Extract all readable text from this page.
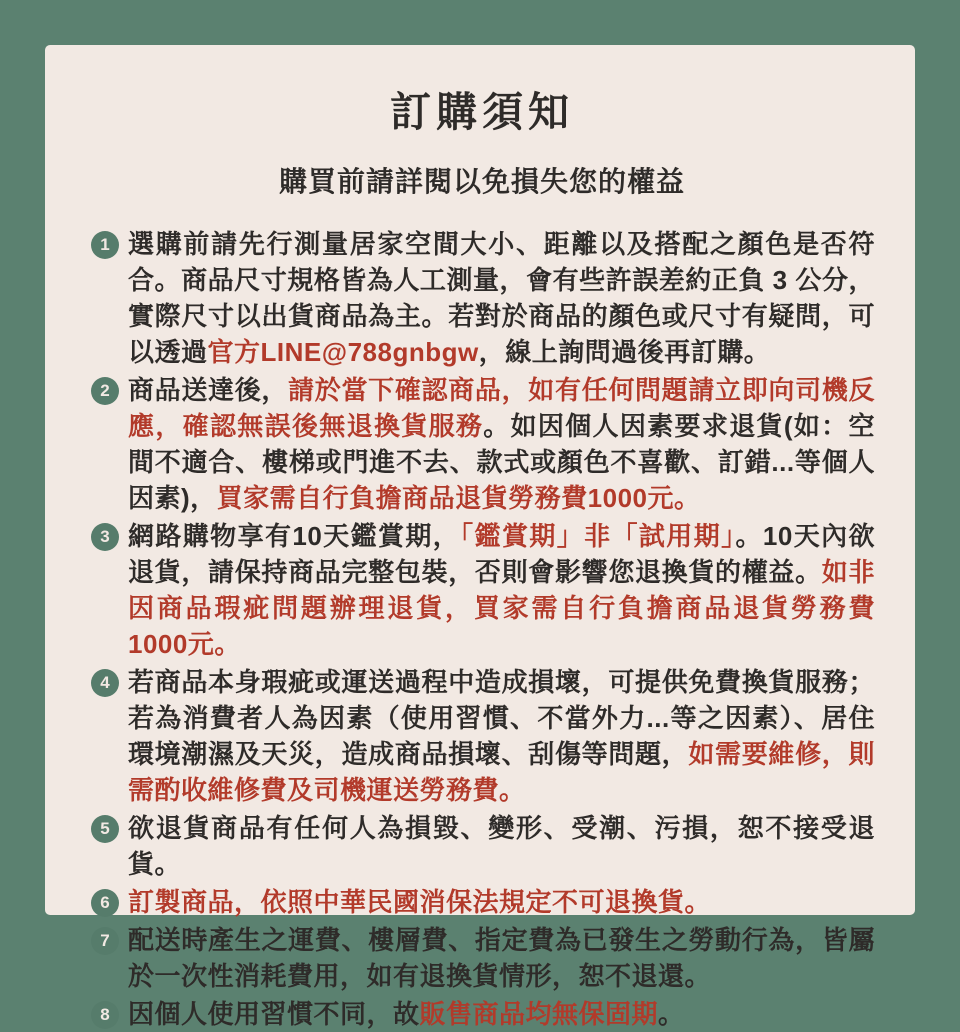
訂購須知
購買前請詳閱以免損失您的權益
1 選購前請先行測量居家空間大小、距離以及搭配之顏色是否符合。商品尺寸規格皆為人工測量，會有些許誤差約正負 3 公分，實際尺寸以出貨商品為主。若對於商品的顏色或尺寸有疑問，可以透過官方LINE@788gnbgw，線上詢問過後再訂購。
2 商品送達後，請於當下確認商品，如有任何問題請立即向司機反應，確認無誤後無退換貨服務。如因個人因素要求退貨(如：空間不適合、樓梯或門進不去、款式或顏色不喜歡、訂錯...等個人因素)，買家需自行負擔商品退貨勞務費1000元。
3 網路購物享有10天鑑賞期，「鑑賞期」非「試用期」。10天內欲退貨，請保持商品完整包裝，否則會影響您退換貨的權益。如非因商品瑕疵問題辦理退貨，買家需自行負擔商品退貨勞務費1000元。
4 若商品本身瑕疵或運送過程中造成損壞，可提供免費換貨服務；若為消費者人為因素（使用習慣、不當外力...等之因素）、居住環境潮濕及天災，造成商品損壞、刮傷等問題，如需要維修，則需酌收維修費及司機運送勞務費。
5 欲退貨商品有任何人為損毀、變形、受潮、污損，恕不接受退貨。
6 訂製商品，依照中華民國消保法規定不可退換貨。
7 配送時產生之運費、樓層費、指定費為已發生之勞動行為，皆屬於一次性消耗費用，如有退換貨情形，恕不退還。
8 因個人使用習慣不同，故販售商品均無保固期。
